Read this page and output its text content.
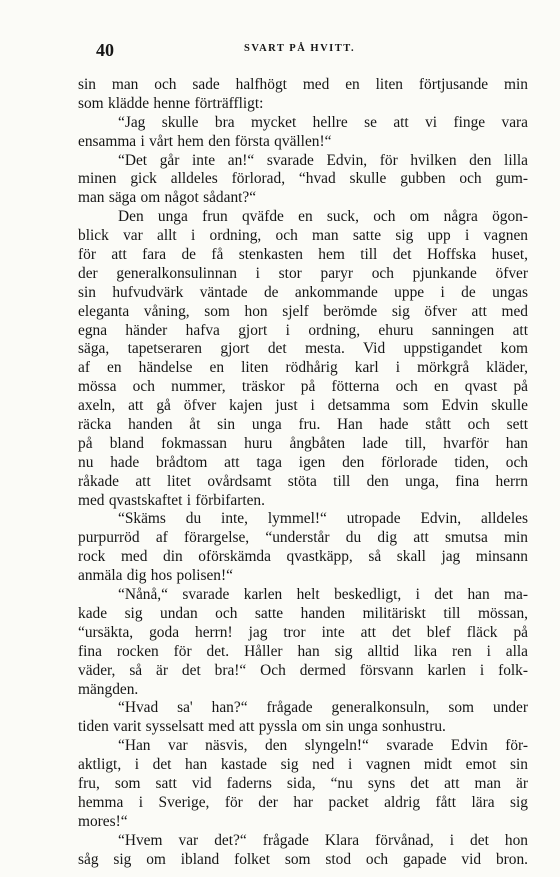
40	SVART PÅ HVITT.
sin man och sade halfhögt med en liten förtjusande min
som klädde henne förträffligt:
“Jag skulle bra mycket hellre se att vi finge vara
ensamma i vårt hem den första qvällen!“
“Det går inte an!“ svarade Edvin, för hvilken den lilla
minen gick alldeles förlorad, “hvad skulle gubben och gum-
man säga om något sådant?“
Den unga frun qväfde en suck, och om några ögon-
blick var allt i ordning, och man satte sig upp i vagnen
för att fara de få stenkasten hem till det Hoffska huset,
der generalkonsulinnan i stor paryr och pjunkande öfver
sin hufvudvärk väntade de ankommande uppe i de ungas
eleganta våning, som hon sjelf berömde sig öfver att med
egna händer hafva gjort i ordning, ehuru sanningen att
säga, tapetseraren gjort det mesta. Vid uppstigandet kom
af en händelse en liten rödhårig karl i mörkgrå kläder,
mössa och nummer, träskor på fötterna och en qvast på
axeln, att gå öfver kajen just i detsamma som Edvin skulle
räcka handen åt sin unga fru. Han hade stått och sett
på bland fokmassan huru ångbåten lade till, hvarför han
nu hade brådtom att taga igen den förlorade tiden, och
råkade att litet ovårdsamt stöta till den unga, fina herrn
med qvastskaftet i förbifarten.
“Skäms du inte, lymmel!“ utropade Edvin, alldeles
purpurröd af förargelse, “understår du dig att smutsa min
rock med din oförskämda qvastkäpp, så skall jag minsann
anmäla dig hos polisen!“
“Nånå,“ svarade karlen helt beskedligt, i det han ma-
kade sig undan och satte handen militäriskt till mössan,
“ursäkta, goda herrn! jag tror inte att det blef fläck på
fina rocken för det. Håller han sig alltid lika ren i alla
väder, så är det bra!“ Och dermed försvann karlen i folk-
mängden.
“Hvad sa' han?“ frågade generalkonsuln, som under
tiden varit sysselsatt med att pyssla om sin unga sonhustru.
“Han var näsvis, den slyngeln!“ svarade Edvin för-
aktligt, i det han kastade sig ned i vagnen midt emot sin
fru, som satt vid faderns sida, “nu syns det att man är
hemma i Sverige, för der har packet aldrig fått lära sig
mores!“
“Hvem var det?“ frågade Klara förvånad, i det hon
såg sig om ibland folket som stod och gapade vid bron.
